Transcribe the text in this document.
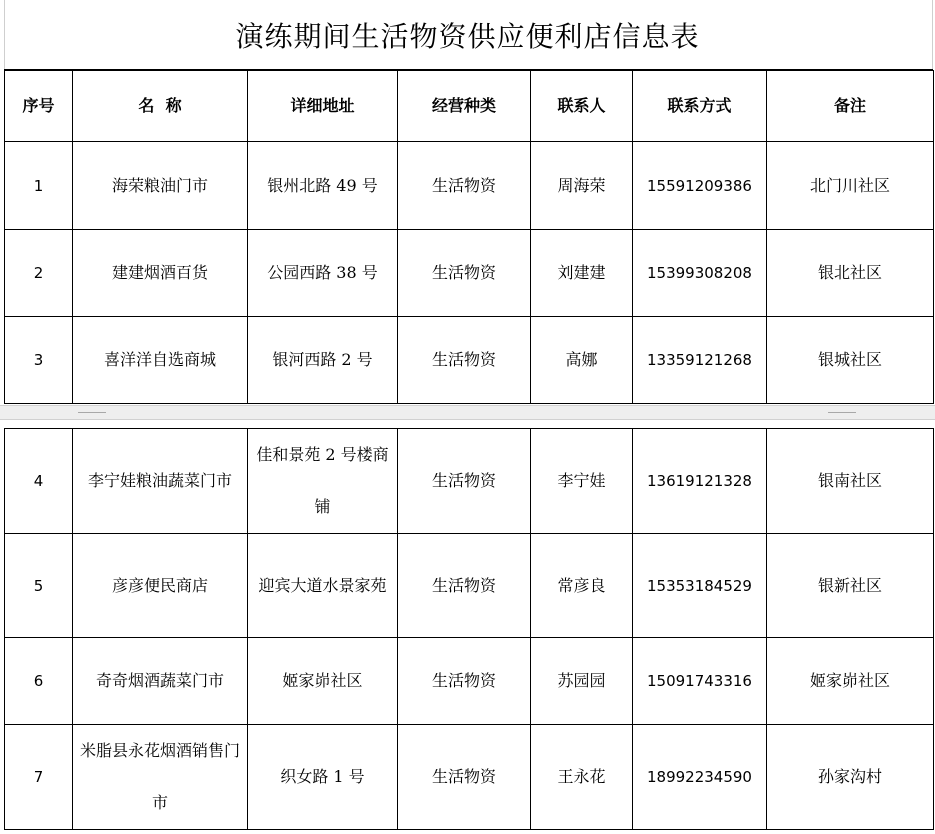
演练期间生活物资供应便利店信息表
序号	名  称	详细地址	经营种类	联系人	联系方式	备注
1	海荣粮油门市	银州北路 49 号	生活物资	周海荣	15591209386	北门川社区
2	建建烟酒百货	公园西路 38 号	生活物资	刘建建	15399308208	银北社区
3	喜洋洋自选商城	银河西路 2 号	生活物资	高娜	13359121268	银城社区
4	李宁娃粮油蔬菜门市	佳和景苑 2 号楼商铺	生活物资	李宁娃	13619121328	银南社区
5	彦彦便民商店	迎宾大道水景家苑	生活物资	常彦良	15353184529	银新社区
6	奇奇烟酒蔬菜门市	姬家峁社区	生活物资	苏园园	15091743316	姬家峁社区
7	米脂县永花烟酒销售门市	织女路 1 号	生活物资	王永花	18992234590	孙家沟村
